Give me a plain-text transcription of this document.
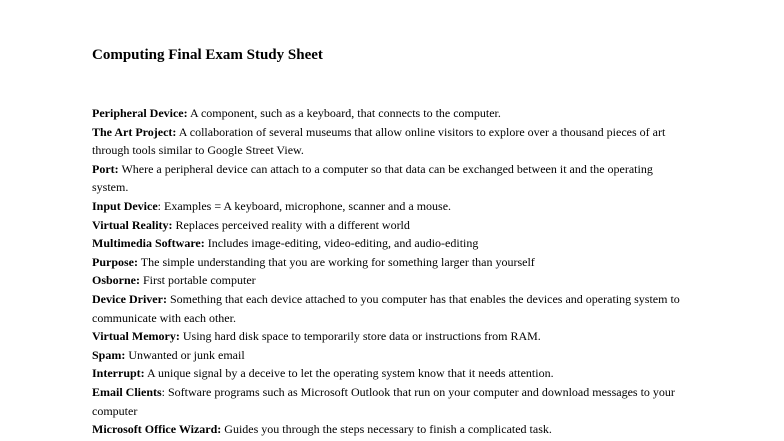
Computing Final Exam Study Sheet

Peripheral Device: A component, such as a keyboard, that connects to the computer.

The Art Project: A collaboration of several museums that allow online visitors to explore over a thousand pieces of art through tools similar to Google Street View.

Port: Where a peripheral device can attach to a computer so that data can be exchanged between it and the operating system.

Input Device: Examples = A keyboard, microphone, scanner and a mouse.

Virtual Reality: Replaces perceived reality with a different world

Multimedia Software: Includes image-editing, video-editing, and audio-editing

Purpose: The simple understanding that you are working for something larger than yourself

Osborne: First portable computer

Device Driver: Something that each device attached to you computer has that enables the devices and operating system to communicate with each other.

Virtual Memory: Using hard disk space to temporarily store data or instructions from RAM.

Spam: Unwanted or junk email

Interrupt: A unique signal by a deceive to let the operating system know that it needs attention.

Email Clients: Software programs such as Microsoft Outlook that run on your computer and download messages to your computer

Microsoft Office Wizard: Guides you through the steps necessary to finish a complicated task.
